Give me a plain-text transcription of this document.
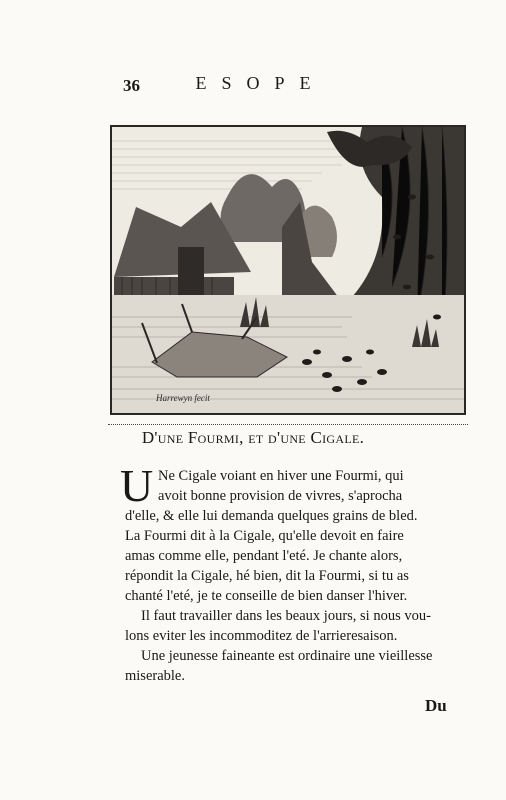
36	ESOPE
Harrewyn fecit
D'une Fourmi, et d'une Cigale.
U Ne Cigale voiant en hiver une Fourmi, qui
avoit bonne provision de vivres, s'aprocha
d'elle, & elle lui demanda quelques grains de bled.
La Fourmi dit à la Cigale, qu'elle devoit en faire
amas comme elle, pendant l'eté. Je chante alors,
répondit la Cigale, hé bien, dit la Fourmi, si tu as
chanté l'eté, je te conseille de bien danser l'hiver.
Il faut travailler dans les beaux jours, si nous vou-
lons eviter les incommoditez de l'arrieresaison.
Une jeunesse faineante est ordinaire une vieillesse
miserable.
Du
